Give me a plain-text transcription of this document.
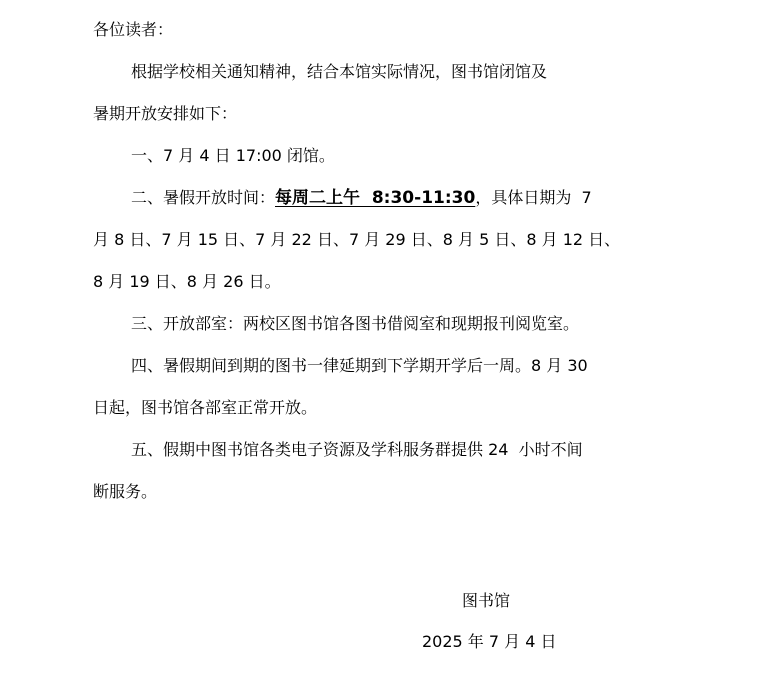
各位读者：
根据学校相关通知精神，结合本馆实际情况，图书馆闭馆及
暑期开放安排如下：
一、7 月 4 日 17:00 闭馆。
二、暑假开放时间：每周二上午  8:30-11:30，具体日期为  7
月 8 日、7 月 15 日、7 月 22 日、7 月 29 日、8 月 5 日、8 月 12 日、
8 月 19 日、8 月 26 日。
三、开放部室：两校区图书馆各图书借阅室和现期报刊阅览室。
四、暑假期间到期的图书一律延期到下学期开学后一周。8 月 30
日起，图书馆各部室正常开放。
五、假期中图书馆各类电子资源及学科服务群提供 24  小时不间
断服务。
图书馆
2025 年 7 月 4 日
